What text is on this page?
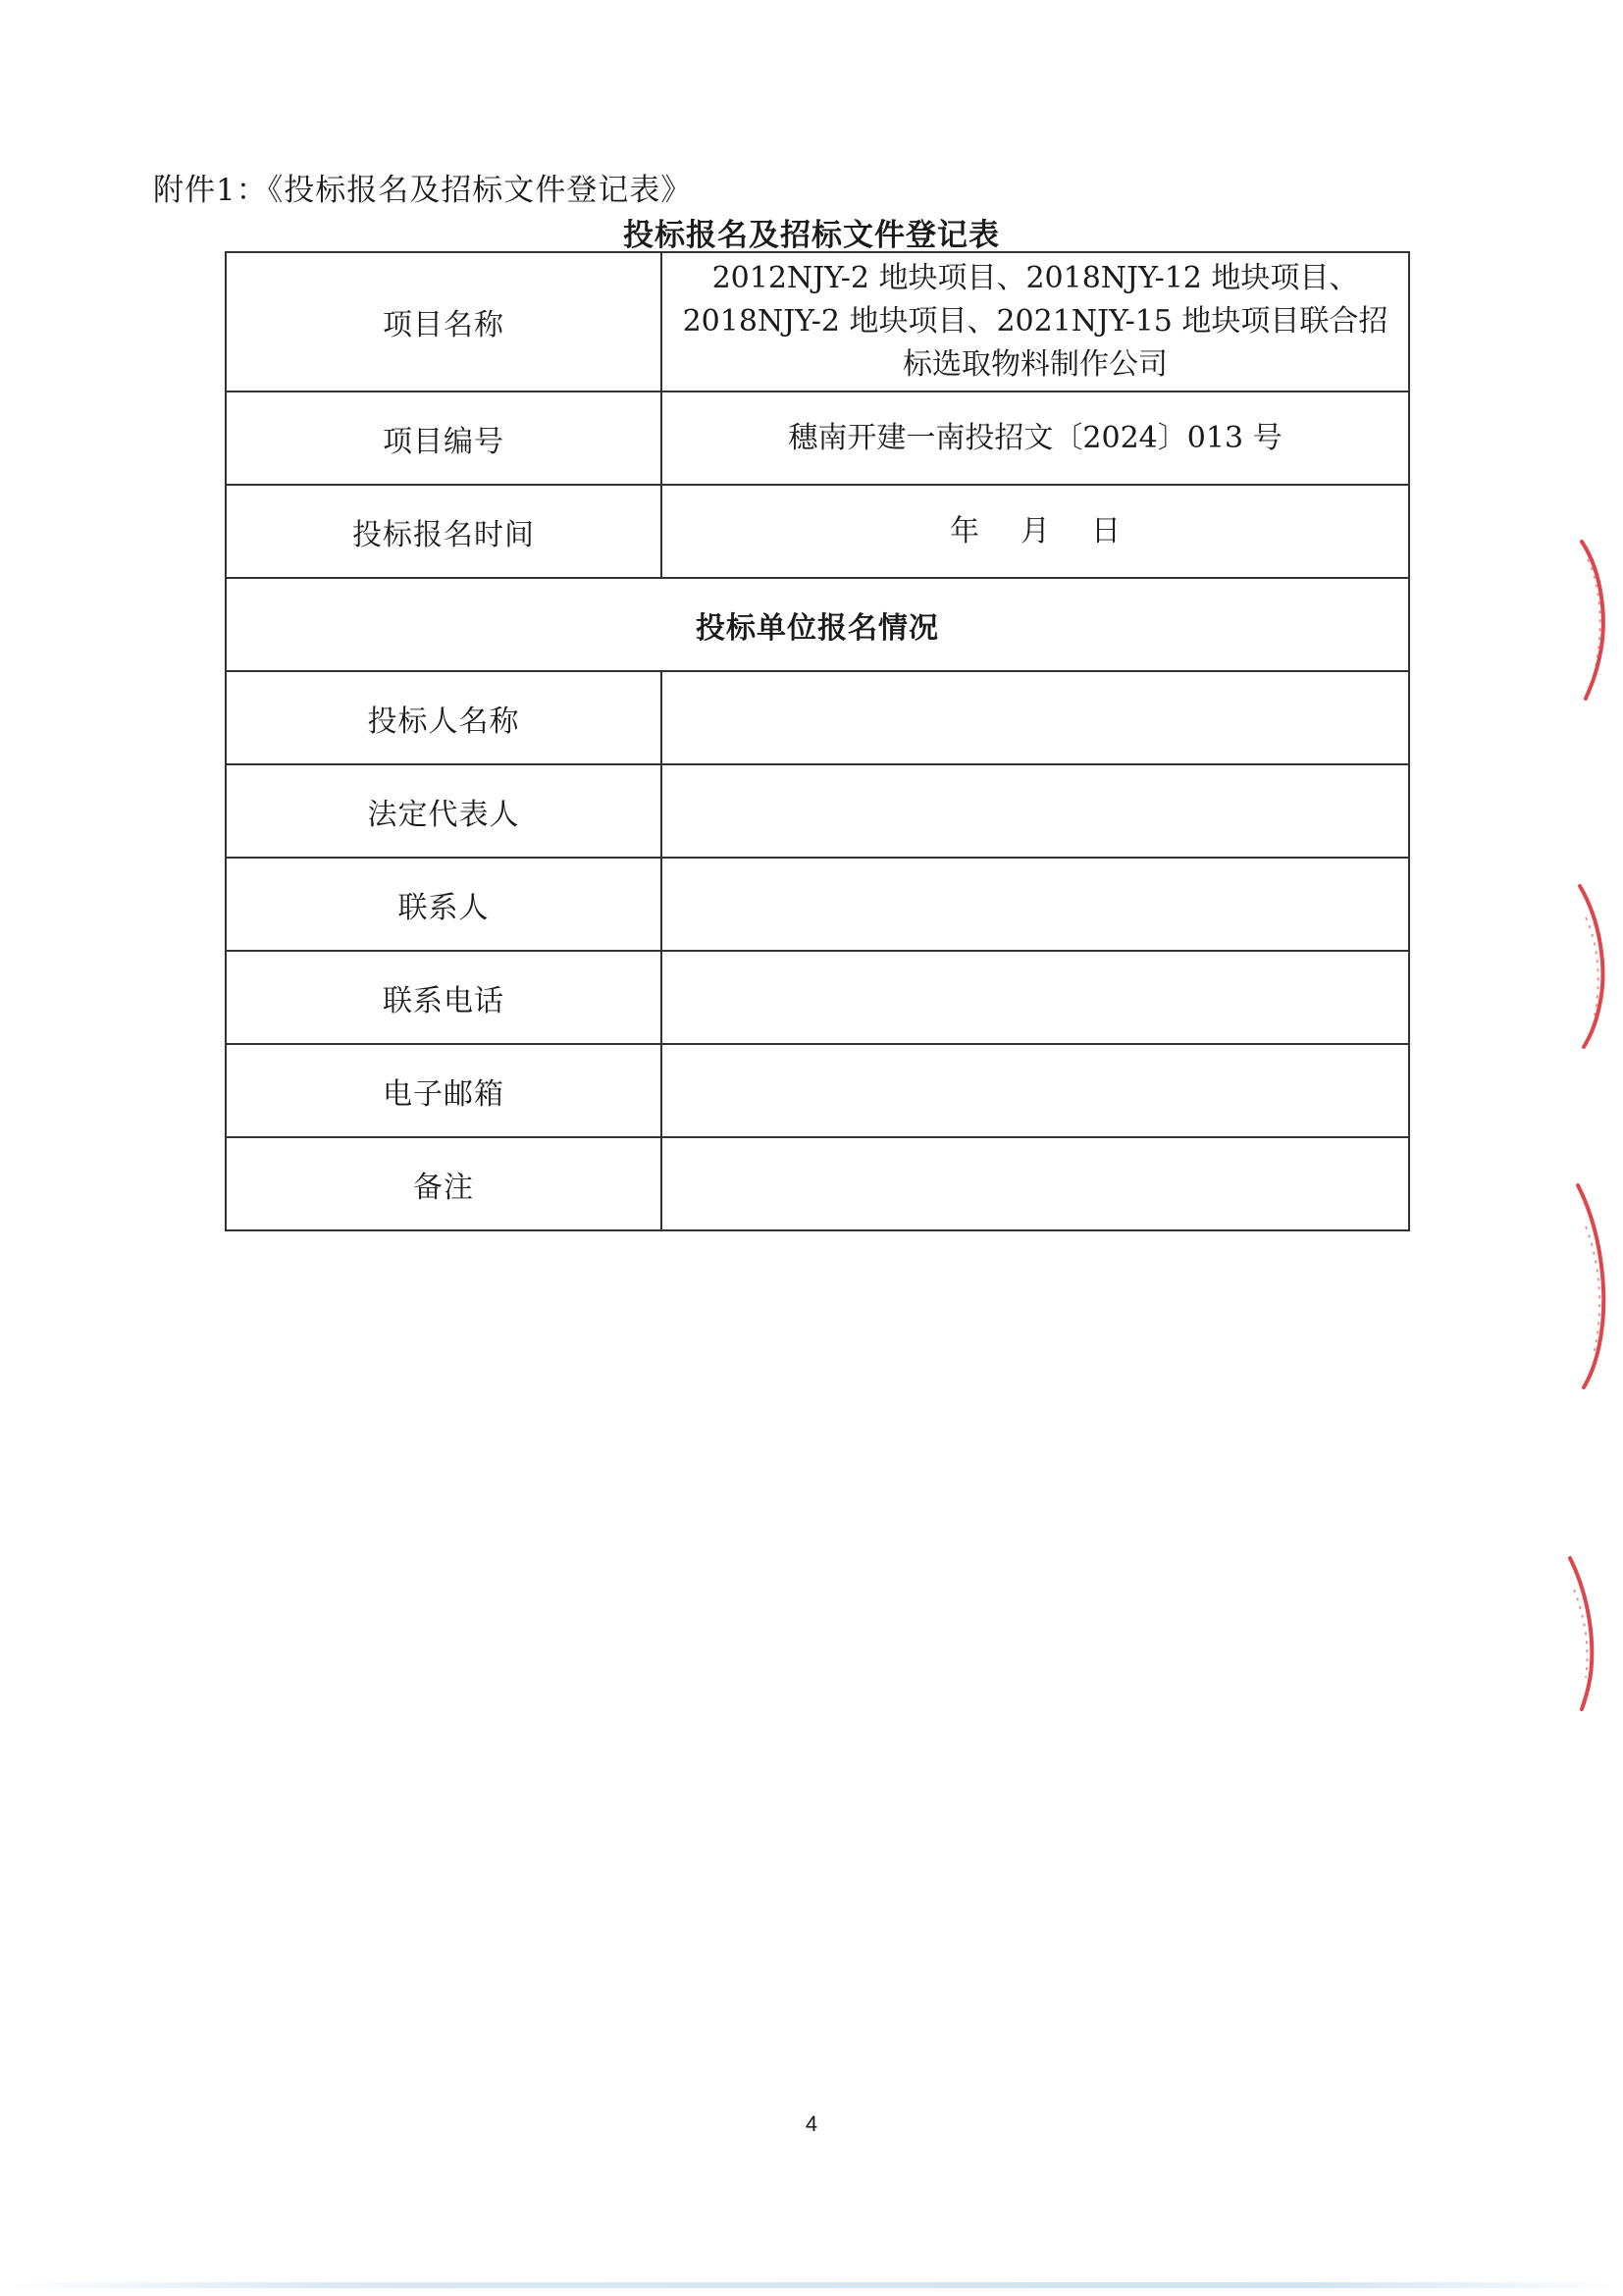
附件1：《投标报名及招标文件登记表》
投标报名及招标文件登记表
项目名称	2012NJY-2 地块项目、2018NJY-12 地块项目、
2018NJY-2 地块项目、2021NJY-15 地块项目联合招
标选取物料制作公司

项目编号	穗南开建一南投招文〔2024〕013 号
投标报名时间	年 月 日
投标单位报名情况	
投标人名称	
法定代表人	
联系人	
联系电话	
电子邮箱	
备注	
4
